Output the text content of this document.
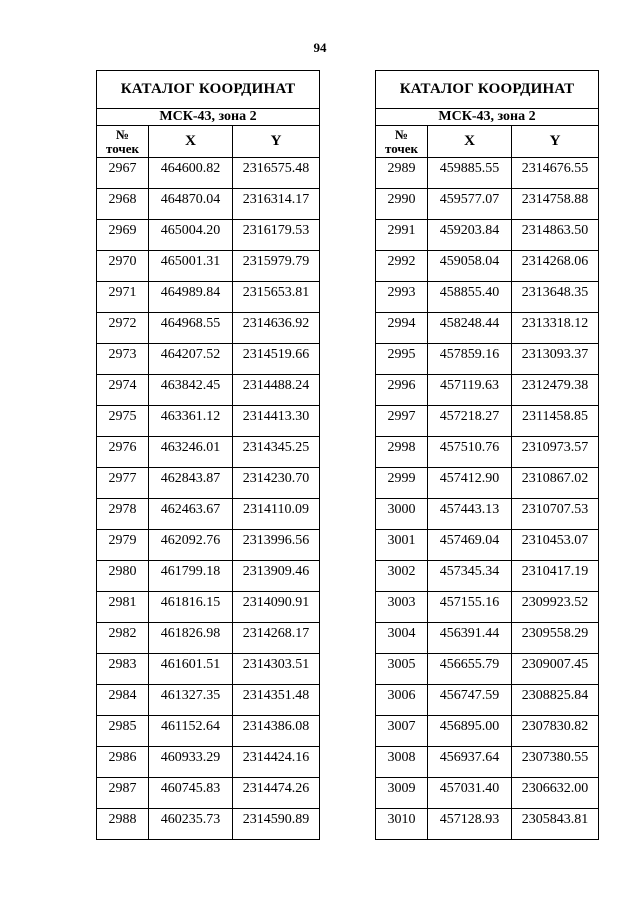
94
КАТАЛОГ КООРДИНАТ		
МСК-43, зона 2		

№
точек	X	Y
2967	464600.82	2316575.48
2968	464870.04	2316314.17
2969	465004.20	2316179.53
2970	465001.31	2315979.79
2971	464989.84	2315653.81
2972	464968.55	2314636.92
2973	464207.52	2314519.66
2974	463842.45	2314488.24
2975	463361.12	2314413.30
2976	463246.01	2314345.25
2977	462843.87	2314230.70
2978	462463.67	2314110.09
2979	462092.76	2313996.56
2980	461799.18	2313909.46
2981	461816.15	2314090.91
2982	461826.98	2314268.17
2983	461601.51	2314303.51
2984	461327.35	2314351.48
2985	461152.64	2314386.08
2986	460933.29	2314424.16
2987	460745.83	2314474.26
2988	460235.73	2314590.89
КАТАЛОГ КООРДИНАТ		
МСК-43, зона 2		

№
точек	X	Y
2989	459885.55	2314676.55
2990	459577.07	2314758.88
2991	459203.84	2314863.50
2992	459058.04	2314268.06
2993	458855.40	2313648.35
2994	458248.44	2313318.12
2995	457859.16	2313093.37
2996	457119.63	2312479.38
2997	457218.27	2311458.85
2998	457510.76	2310973.57
2999	457412.90	2310867.02
3000	457443.13	2310707.53
3001	457469.04	2310453.07
3002	457345.34	2310417.19
3003	457155.16	2309923.52
3004	456391.44	2309558.29
3005	456655.79	2309007.45
3006	456747.59	2308825.84
3007	456895.00	2307830.82
3008	456937.64	2307380.55
3009	457031.40	2306632.00
3010	457128.93	2305843.81
